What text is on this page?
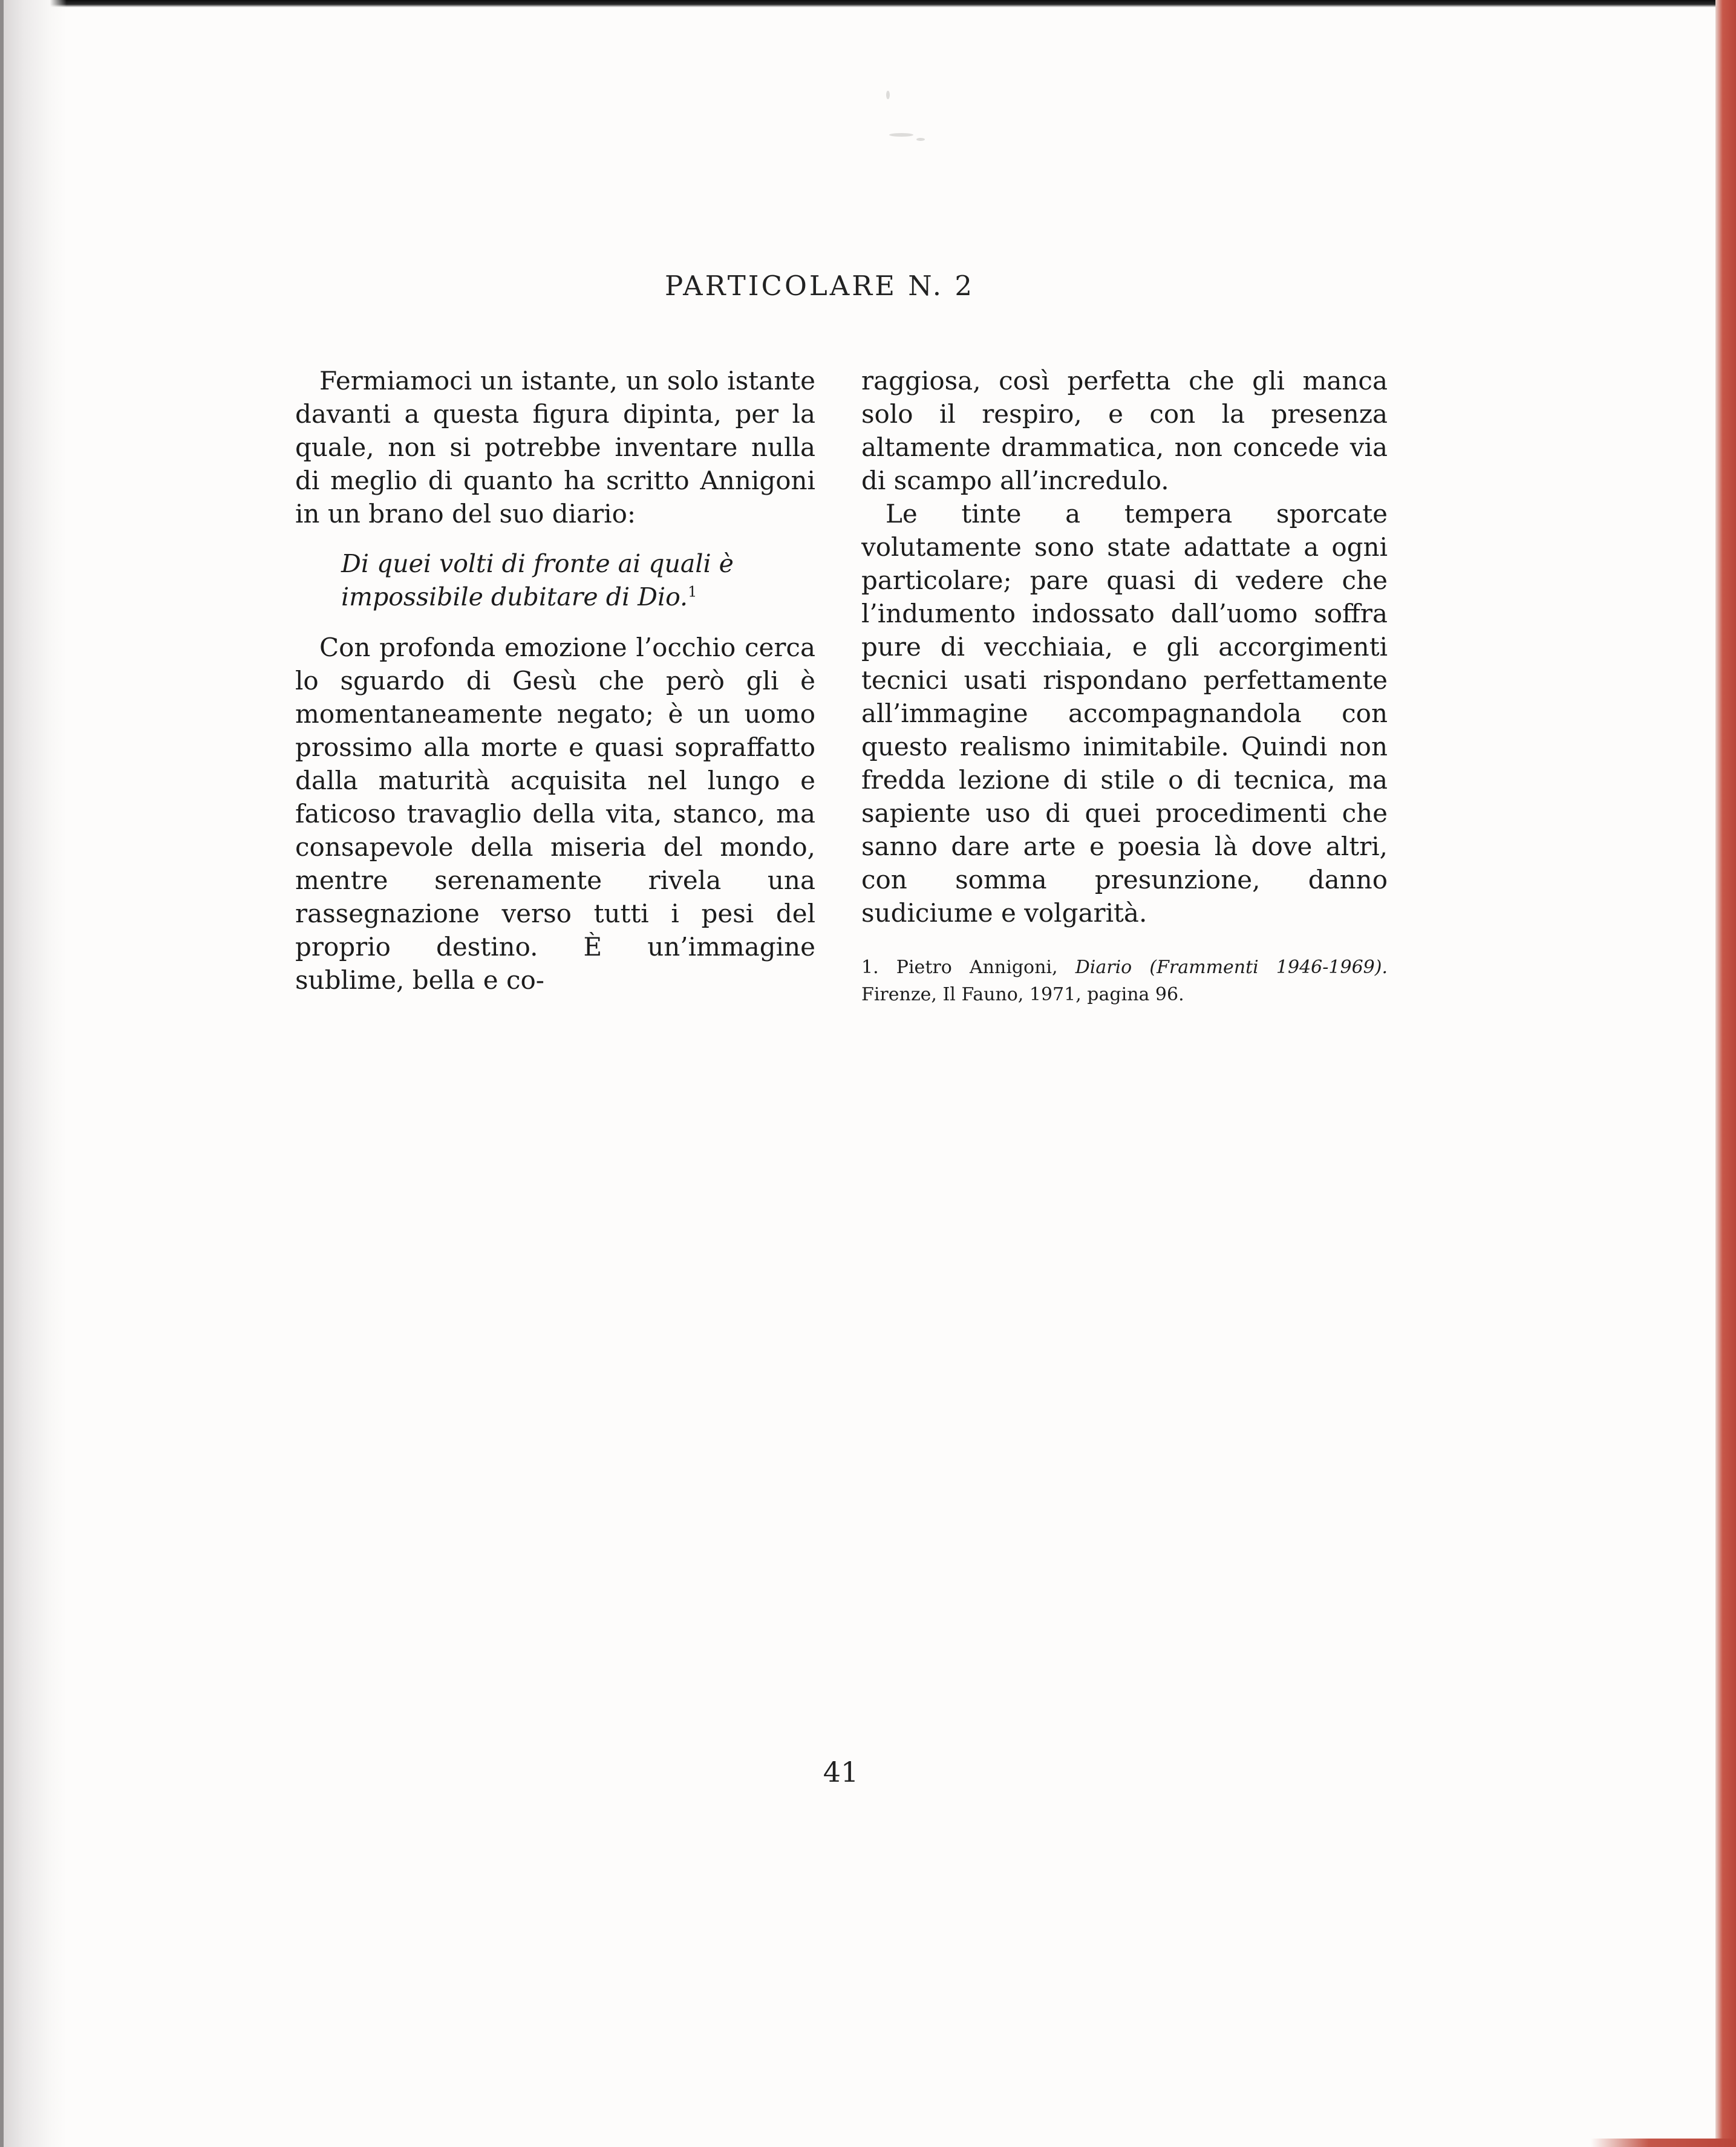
PARTICOLARE N. 2

Fermiamoci un istante, un solo istante davanti a questa figura dipinta, per la quale, non si potrebbe inventare nulla di meglio di quanto ha scritto Annigoni in un brano del suo diario:

Di quei volti di fronte ai quali è impossibile dubitare di Dio.$^1$

Con profonda emozione l’occhio cerca lo sguardo di Gesù che però gli è momentaneamente negato; è un uomo prossimo alla morte e quasi sopraffatto dalla maturità acquisita nel lungo e faticoso travaglio della vita, stanco, ma consapevole della miseria del mondo, mentre serenamente rivela una rassegnazione verso tutti i pesi del proprio destino. È un’immagine sublime, bella e co-

raggiosa, così perfetta che gli manca solo il respiro, e con la presenza altamente drammatica, non concede via di scampo all’incredulo.

Le tinte a tempera sporcate volutamente sono state adattate a ogni particolare; pare quasi di vedere che l’indumento indossato dall’uomo soffra pure di vecchiaia, e gli accorgimenti tecnici usati rispondano perfettamente all’immagine accompagnandola con questo realismo inimitabile. Quindi non fredda lezione di stile o di tecnica, ma sapiente uso di quei procedimenti che sanno dare arte e poesia là dove altri, con somma presunzione, danno sudiciume e volgarità.

1. Pietro Annigoni, Diario (Frammenti 1946-1969). Firenze, Il Fauno, 1971, pagina 96.
41
